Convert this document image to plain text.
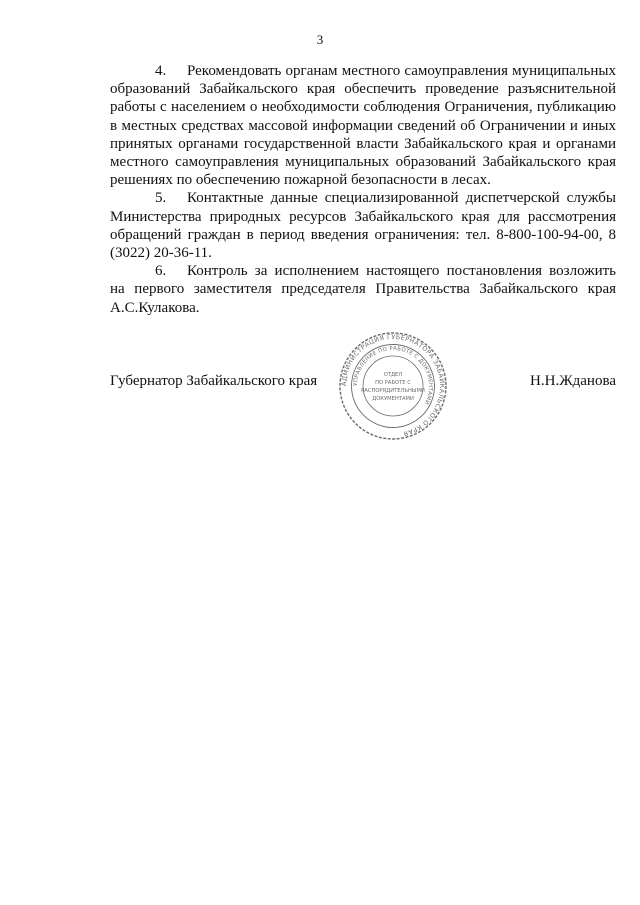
3

4. Рекомендовать органам местного самоуправления муниципальных образований Забайкальского края обеспечить проведение разъяснительной работы с населением о необходимости соблюдения Ограничения, публикацию в местных средствах массовой информации сведений об Ограничении и иных принятых органами государственной власти Забайкальского края и органами местного самоуправления муниципальных образований Забайкальского края решениях по обеспечению пожарной безопасности в лесах.

5. Контактные данные специализированной диспетчерской службы Министерства природных ресурсов Забайкальского края для рассмотрения обращений граждан в период введения ограничения: тел. 8-800-100-94-00, 8 (3022) 20-36-11.

6. Контроль за исполнением настоящего постановления возложить на первого заместителя председателя Правительства Забайкальского края А.С.Кулакова.

Губернатор Забайкальского края	Н.Н.Жданова
АДМИНИСТРАЦИЯ ГУБЕРНАТОРА ЗАБАЙКАЛЬСКОГО КРАЯ
УПРАВЛЕНИЕ ПО РАБОТЕ С ДОКУМЕНТАМИ
ОТДЕЛ
ПО РАБОТЕ С
РАСПОРЯДИТЕЛЬНЫМИ
ДОКУМЕНТАМИ
